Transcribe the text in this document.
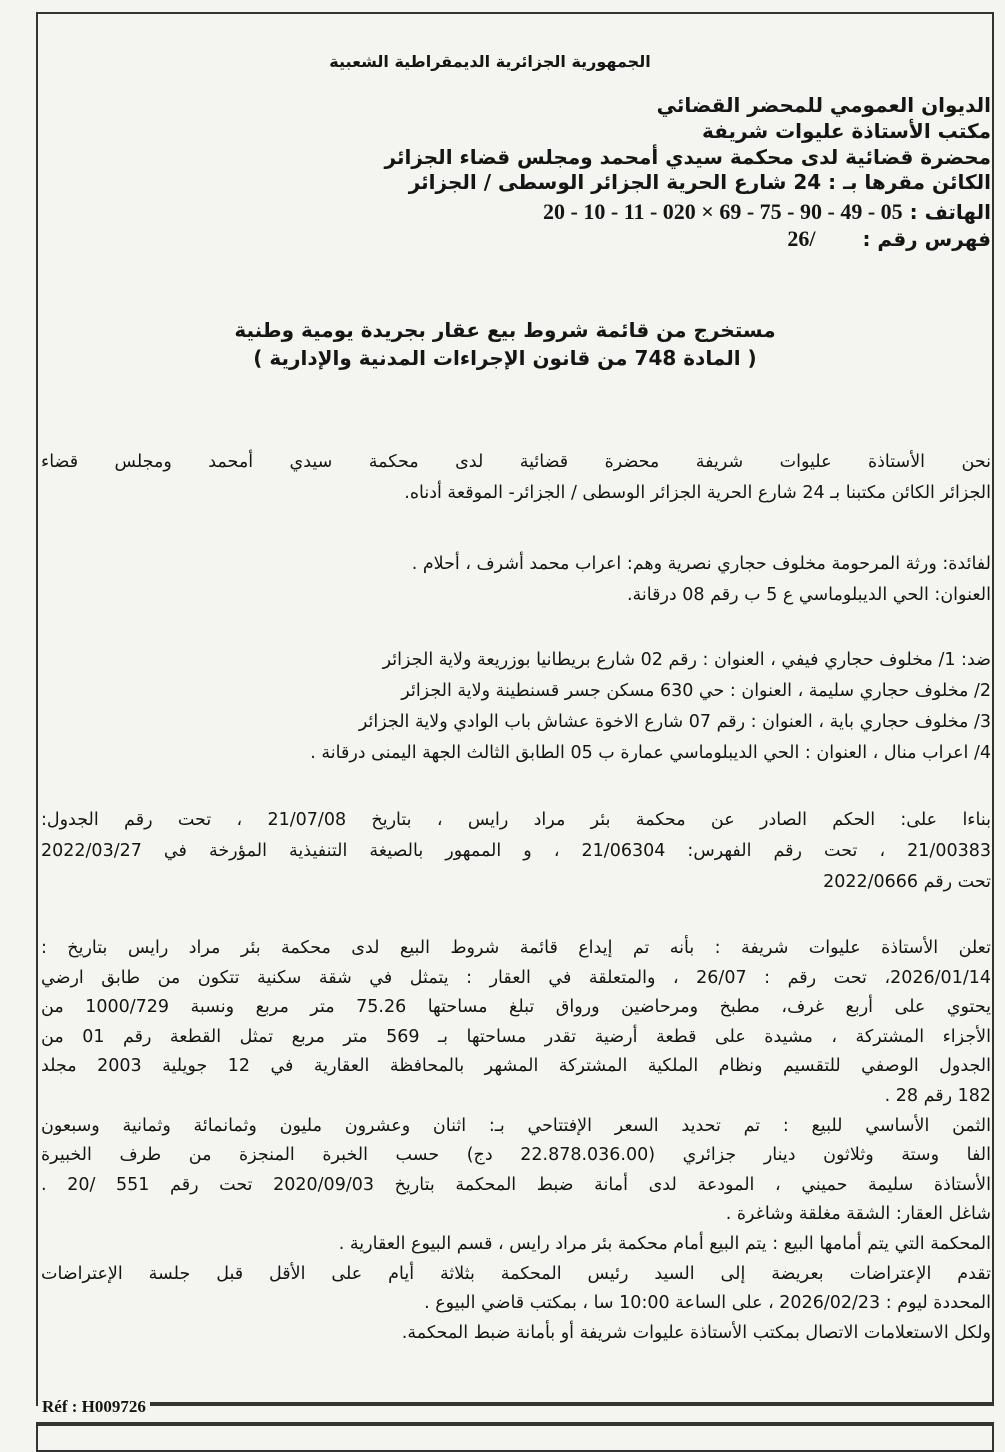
Réf : H009726
الجمهورية الجزائرية الديمقراطية الشعبية
الديوان العمومي للمحضر القضائي
مكتب الأستاذة عليوات شريفة
محضرة قضائية لدى محكمة سيدي أمحمد ومجلس قضاء الجزائر
الكائن مقرها بـ : 24 شارع الحرية الجزائر الوسطى / الجزائر
الهاتف : 20 - 10 - 11 - 020 × 69 - 75 - 90 - 49 - 05
فهرس رقم : 26/
مستخرج من قائمة شروط بيع عقار بجريدة يومية وطنية
( المادة 748 من قانون الإجراءات المدنية والإدارية )
نحن الأستاذة عليوات شريفة محضرة قضائية لدى محكمة سيدي أمحمد ومجلس قضاء
الجزائر الكائن مكتبنا بـ 24 شارع الحرية الجزائر الوسطى / الجزائر- الموقعة أدناه.
لفائدة: ورثة المرحومة مخلوف حجاري نصرية وهم: اعراب محمد أشرف ، أحلام .
العنوان: الحي الديبلوماسي ع 5 ب رقم 08 درقانة.
ضد: 1/ مخلوف حجاري فيفي ، العنوان : رقم 02 شارع بريطانيا بوزريعة ولاية الجزائر
2/ مخلوف حجاري سليمة ، العنوان : حي 630 مسكن جسر قسنطينة ولاية الجزائر
3/ مخلوف حجاري باية ، العنوان : رقم 07 شارع الاخوة عشاش باب الوادي ولاية الجزائر
4/ اعراب منال ، العنوان : الحي الديبلوماسي عمارة ب 05 الطابق الثالث الجهة اليمنى درقانة .
بناءا على: الحكم الصادر عن محكمة بئر مراد رايس ، بتاريخ 21/07/08 ، تحت رقم الجدول:
21/00383 ، تحت رقم الفهرس: 21/06304 ، و الممهور بالصيغة التنفيذية المؤرخة في 2022/03/27
تحت رقم 2022/0666
تعلن الأستاذة عليوات شريفة : بأنه تم إيداع قائمة شروط البيع لدى محكمة بئر مراد رايس بتاريخ :
2026/01/14، تحت رقم : 26/07 ، والمتعلقة في العقار : يتمثل في شقة سكنية تتكون من طابق ارضي
يحتوي على أربع غرف، مطبخ ومرحاضين ورواق تبلغ مساحتها 75.26 متر مربع ونسبة 1000/729 من
الأجزاء المشتركة ، مشيدة على قطعة أرضية تقدر مساحتها بـ 569 متر مربع تمثل القطعة رقم 01 من
الجدول الوصفي للتقسيم ونظام الملكية المشتركة المشهر بالمحافظة العقارية في 12 جويلية 2003 مجلد
182 رقم 28 .
الثمن الأساسي للبيع : تم تحديد السعر الإفتتاحي بـ: اثنان وعشرون مليون وثمانمائة وثمانية وسبعون
الفا وستة وثلاثون دينار جزائري (22.878.036.00 دج) حسب الخبرة المنجزة من طرف الخبيرة
الأستاذة سليمة حميني ، المودعة لدى أمانة ضبط المحكمة بتاريخ 2020/09/03 تحت رقم 551 /20 .
شاغل العقار: الشقة مغلقة وشاغرة .
المحكمة التي يتم أمامها البيع : يتم البيع أمام محكمة بئر مراد رايس ، قسم البيوع العقارية .
تقدم الإعتراضات بعريضة إلى السيد رئيس المحكمة بثلاثة أيام على الأقل قبل جلسة الإعتراضات
المحددة ليوم : 2026/02/23 ، على الساعة 10:00 سا ، بمكتب قاضي البيوع .
ولكل الاستعلامات الاتصال بمكتب الأستاذة عليوات شريفة أو بأمانة ضبط المحكمة.
